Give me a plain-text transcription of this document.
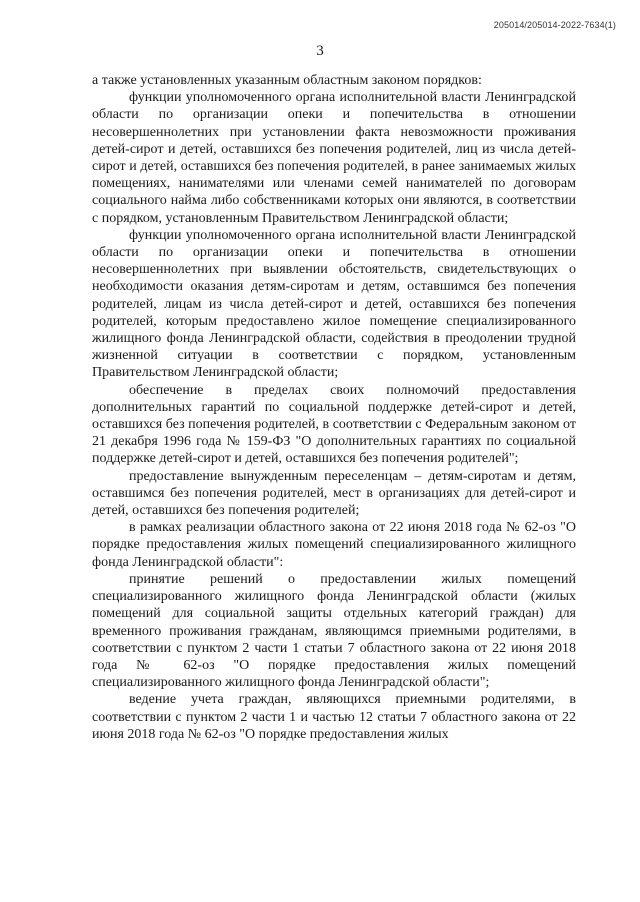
205014/205014-2022-7634(1)
3

а также установленных указанным областным законом порядков:

функции уполномоченного органа исполнительной власти Ленинградской области по организации опеки и попечительства в отношении несовершеннолетних при установлении факта невозможности проживания детей-сирот и детей, оставшихся без попечения родителей, лиц из числа детей-сирот и детей, оставшихся без попечения родителей, в ранее занимаемых жилых помещениях, нанимателями или членами семей нанимателей по договорам социального найма либо собственниками которых они являются, в соответствии с порядком, установленным Правительством Ленинградской области;

функции уполномоченного органа исполнительной власти Ленинградской области по организации опеки и попечительства в отношении несовершеннолетних при выявлении обстоятельств, свидетельствующих о необходимости оказания детям-сиротам и детям, оставшимся без попечения родителей, лицам из числа детей-сирот и детей, оставшихся без попечения родителей, которым предоставлено жилое помещение специализированного жилищного фонда Ленинградской области, содействия в преодолении трудной жизненной ситуации в соответствии с порядком, установленным Правительством Ленинградской области;

обеспечение в пределах своих полномочий предоставления дополнительных гарантий по социальной поддержке детей-сирот и детей, оставшихся без попечения родителей, в соответствии с Федеральным законом от 21 декабря 1996 года № 159-ФЗ "О дополнительных гарантиях по социальной поддержке детей-сирот и детей, оставшихся без попечения родителей";

предоставление вынужденным переселенцам – детям-сиротам и детям, оставшимся без попечения родителей, мест в организациях для детей-сирот и детей, оставшихся без попечения родителей;

в рамках реализации областного закона от 22 июня 2018 года № 62-оз "О порядке предоставления жилых помещений специализированного жилищного фонда Ленинградской области":

принятие решений о предоставлении жилых помещений специализированного жилищного фонда Ленинградской области (жилых помещений для социальной защиты отдельных категорий граждан) для временного проживания гражданам, являющимся приемными родителями, в соответствии с пунктом 2 части 1 статьи 7 областного закона от 22 июня 2018 года № 62-оз "О порядке предоставления жилых помещений специализированного жилищного фонда Ленинградской области";

ведение учета граждан, являющихся приемными родителями, в соответствии с пунктом 2 части 1 и частью 12 статьи 7 областного закона от 22 июня 2018 года № 62-оз "О порядке предоставления жилых
